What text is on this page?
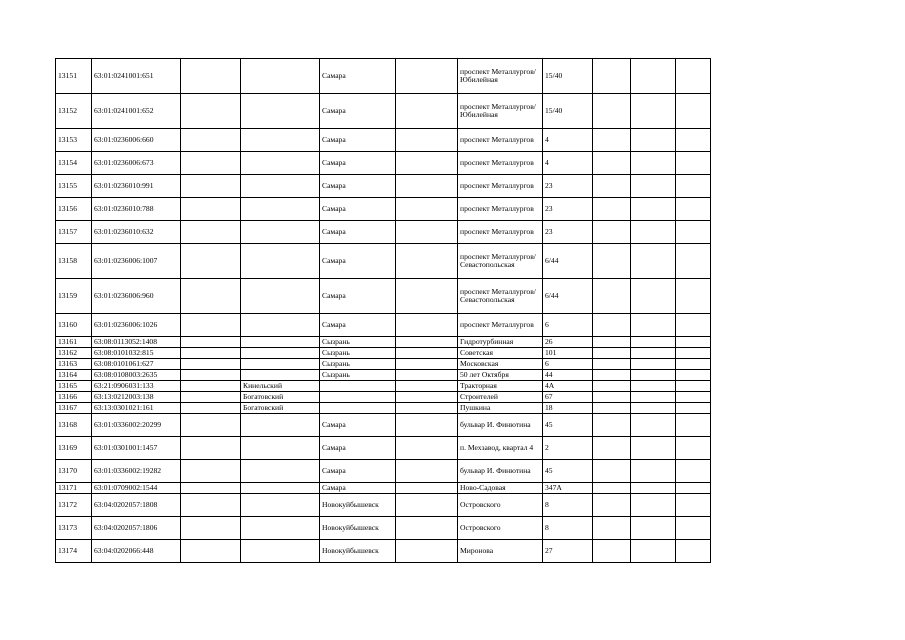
13151	63:01:0241001:651			Самара		проспект Металлургов/Юбилейная	15/40			
13152	63:01:0241001:652			Самара		проспект Металлургов/Юбилейная	15/40			
13153	63:01:0236006:660			Самара		проспект Металлургов	4			
13154	63:01:0236006:673			Самара		проспект Металлургов	4			
13155	63:01:0236010:991			Самара		проспект Металлургов	23			
13156	63:01:0236010:788			Самара		проспект Металлургов	23			
13157	63:01:0236010:632			Самара		проспект Металлургов	23			
13158	63:01:0236006:1007			Самара		проспект Металлургов/Севастопольская	6/44			
13159	63:01:0236006:960			Самара		проспект Металлургов/Севастопольская	6/44			
13160	63:01:0236006:1026			Самара		проспект Металлургов	6			
13161	63:08:0113052:1408			Сызрань		Гидротурбинная	26			
13162	63:08:0101032:815			Сызрань		Советская	101			
13163	63:08:0101061:627			Сызрань		Московская	6			
13164	63:08:0108003:2635			Сызрань		50 лет Октября	44			
13165	63:21:0906031:133		Кинельский			Тракторная	4А			
13166	63:13:0212003:138		Богатовский			Строителей	67			
13167	63:13:0301021:161		Богатовский			Пушкина	18			
13168	63:01:0336002:20299			Самара		бульвар И. Финютина	45			
13169	63:01:0301001:1457			Самара		п. Мехзавод, квартал 4	2			
13170	63:01:0336002:19282			Самара		бульвар И. Финютина	45			
13171	63:01:0709002:1544			Самара		Ново-Садовая	347А			
13172	63:04:0202057:1808			Новокуйбышевск		Островского	8			
13173	63:04:0202057:1806			Новокуйбышевск		Островского	8			
13174	63:04:0202066:448			Новокуйбышевск		Миронова	27			
